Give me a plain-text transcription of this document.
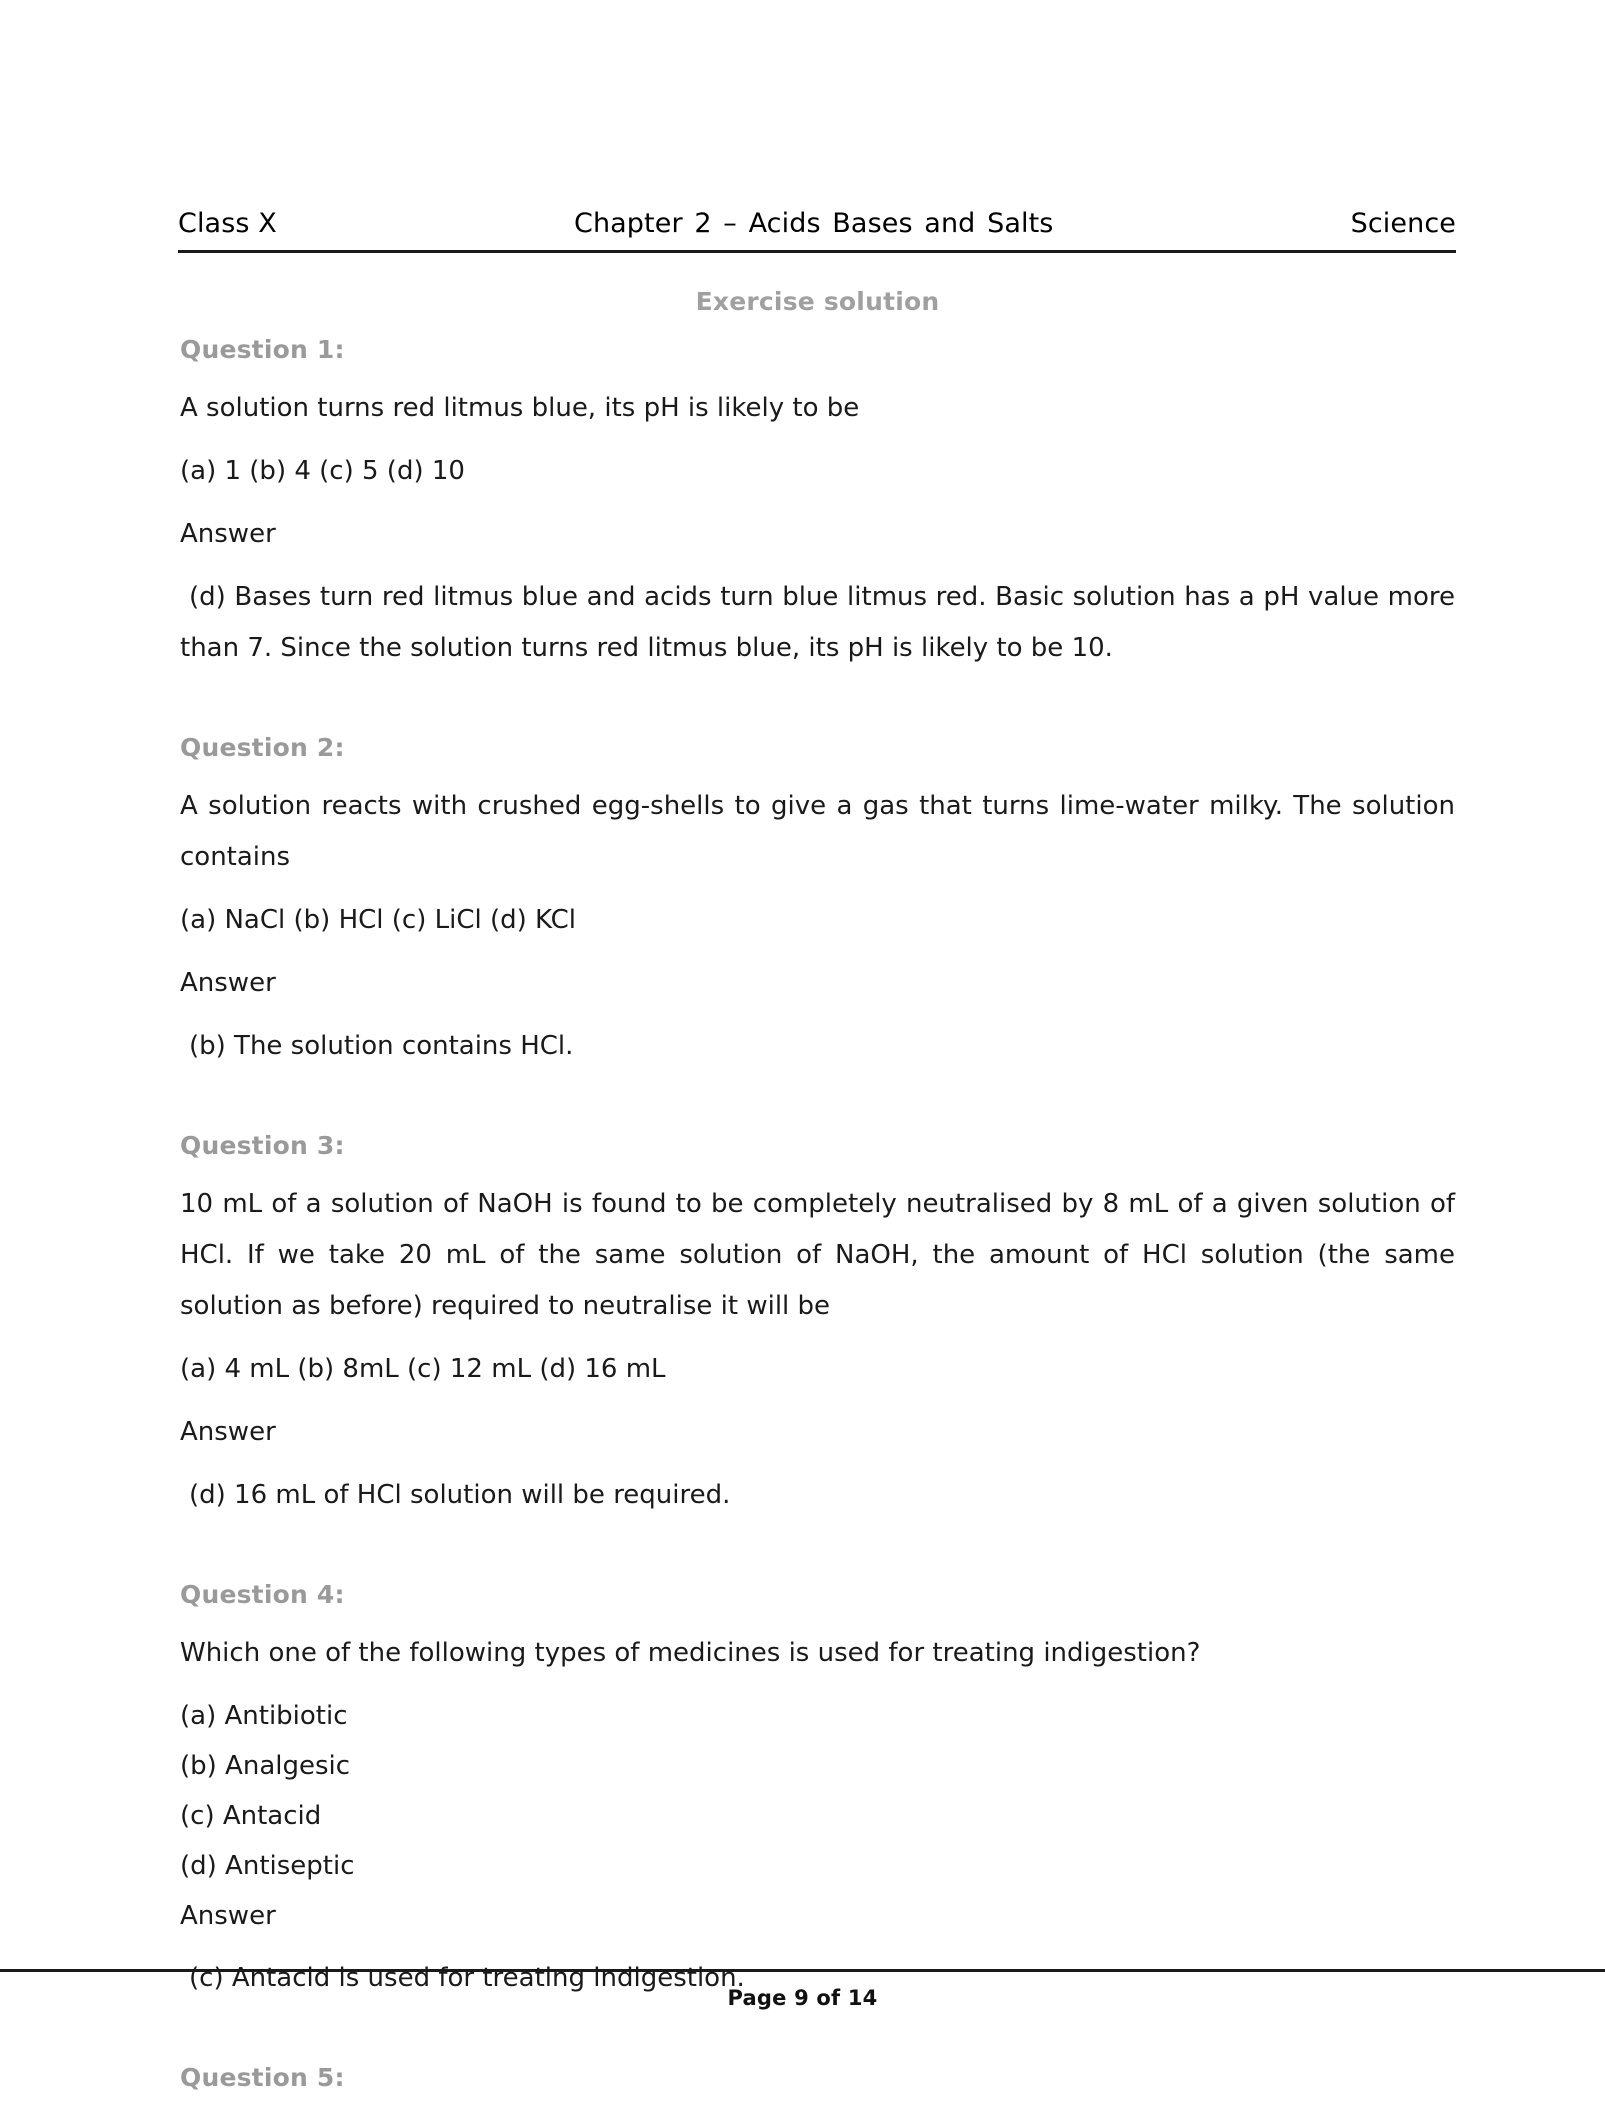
Class X	Chapter 2 – Acids Bases and Salts	Science
Exercise solution
Question 1:

A solution turns red litmus blue, its pH is likely to be

(a) 1 (b) 4 (c) 5 (d) 10

Answer

(d) Bases turn red litmus blue and acids turn blue litmus red. Basic solution has a pH value more than 7. Since the solution turns red litmus blue, its pH is likely to be 10.

Question 2:

A solution reacts with crushed egg-shells to give a gas that turns lime-water milky. The solution contains

(a) NaCl (b) HCl (c) LiCl (d) KCl

Answer

(b) The solution contains HCl.

Question 3:

10 mL of a solution of NaOH is found to be completely neutralised by 8 mL of a given solution of HCl. If we take 20 mL of the same solution of NaOH, the amount of HCl solution (the same solution as before) required to neutralise it will be

(a) 4 mL (b) 8mL (c) 12 mL (d) 16 mL

Answer

(d) 16 mL of HCl solution will be required.

Question 4:

Which one of the following types of medicines is used for treating indigestion?

(a) Antibiotic

(b) Analgesic

(c) Antacid

(d) Antiseptic

Answer

(c) Antacid is used for treating indigestion.

Question 5:
Page 9 of 14
